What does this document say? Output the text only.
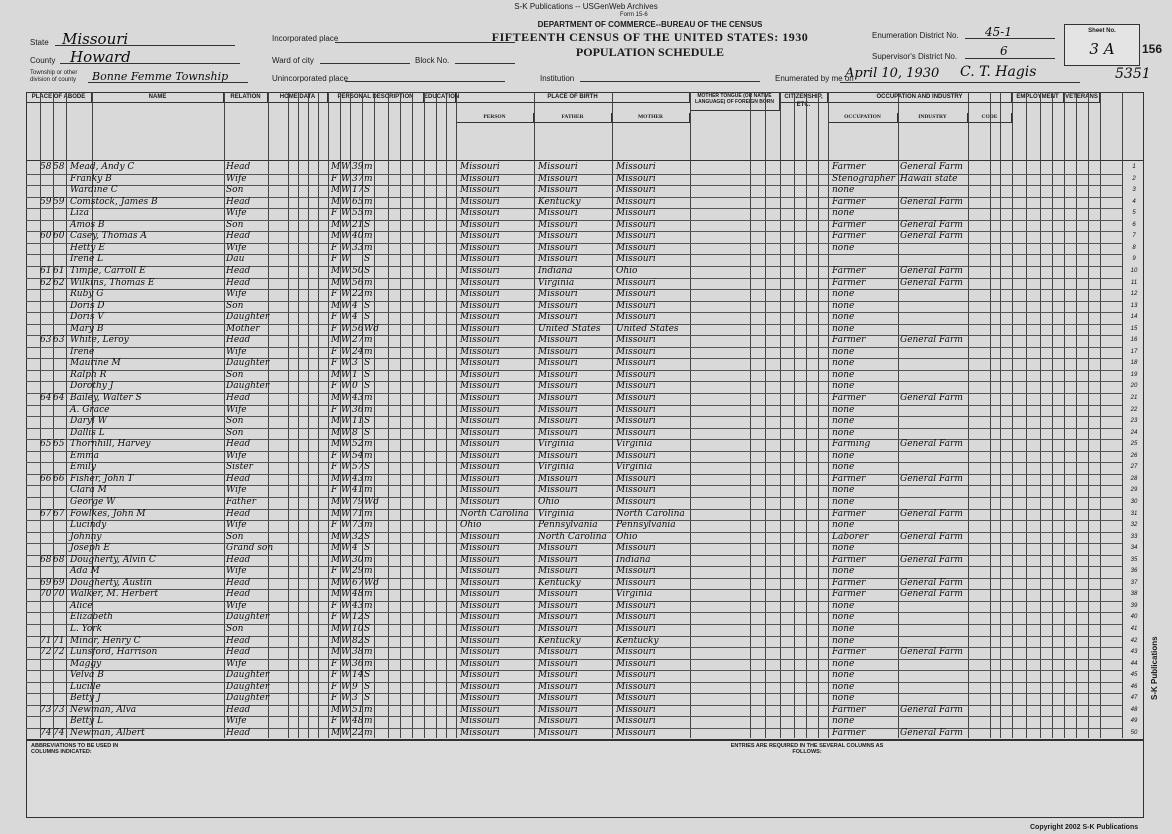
S-K Publications -- USGenWeb Archives
Form 15-6
DEPARTMENT OF COMMERCE--BUREAU OF THE CENSUS
FIFTEENTH CENSUS OF THE UNITED STATES: 1930
POPULATION SCHEDULE
State Missouri
County Howard
Township or other division of county	Bonne Femme Township
Incorporated place
Ward of city	Block No.
Unincorporated place	Institution
Enumeration District No. 45-1
Supervisor's District No.	6
Enumerated by me on
April 10, 1930 C. T. Hagis
Sheet No.
3 A	156
5351
PLACE OF ABODE	NAME	RELATION	HOME DATA	PERSONAL DESCRIPTION	EDUCATION	PLACE OF BIRTH	MOTHER TONGUE (OR NATIVE LANGUAGE) OF FOREIGN BORN
CITIZENSHIP, ETC.
OCCUPATION AND INDUSTRY	EMPLOYMENT	VETERANS
PERSON	FATHER	MOTHER	OCCUPATION	INDUSTRY	CODE
58 58 Mead, Andy C	Head	M W 39 m	Missouri	Missouri	Missouri	Farmer	General Farm	1
Franky B	Wife	F W 37 m	Missouri	Missouri	Missouri	Stenographer Hawaii state	2
Wardine C	Son	M W 17 S	Missouri	Missouri	Missouri	none	3
59 59 Comstock, James B	Head	M W 65 m	Missouri	Kentucky	Missouri	Farmer	General Farm	4
Liza	Wife	F W 55 m	Missouri	Missouri	Missouri	none	5
Amos B	Son	M W 21 S	Missouri	Missouri	Missouri	Farmer	General Farm	6
60 60 Casey, Thomas A	Head	M W 40 m	Missouri	Missouri	Missouri	Farmer	General Farm	7
Hetty E	Wife	F W 33 m	Missouri	Missouri	Missouri	none	8
Irene L	Dau	F W S	Missouri	Missouri	Missouri	9
61 61 Timpe, Carroll E	Head	M W 50 S	Missouri	Indiana	Ohio	Farmer	General Farm	10
62 62 Wilkins, Thomas E	Head	M W 56 m	Missouri	Virginia	Missouri	Farmer	General Farm	11
Ruby G	Wife	F W 22 m	Missouri	Missouri	Missouri	none	12
Doris D	Son	M W 4 S	Missouri	Missouri	Missouri	none	13
Doris V	Daughter	F W 4 S	Missouri	Missouri	Missouri	none	14
Mary B	Mother	F W 56 Wd	Missouri	United States	United States	none	15
63 63 White, Leroy	Head	M W 27 m	Missouri	Missouri	Missouri	Farmer	General Farm	16
Irene	Wife	F W 24 m	Missouri	Missouri	Missouri	none	17
Maurine M	Daughter	F W 3 S	Missouri	Missouri	Missouri	none	18
Ralph R	Son	M W 1 S	Missouri	Missouri	Missouri	none	19
Dorothy J	Daughter	F W 0 S	Missouri	Missouri	Missouri	none	20
64 64 Bailey, Walter S	Head	M W 43 m	Missouri	Missouri	Missouri	Farmer	General Farm	21
A. Grace	Wife	F W 36 m	Missouri	Missouri	Missouri	none	22
Daryl W	Son	M W 11 S	Missouri	Missouri	Missouri	none	23
Dallis L	Son	M W 8 S	Missouri	Missouri	Missouri	none	24
65 65 Thornhill, Harvey	Head	M W 52 m	Missouri	Virginia	Virginia	Farming	General Farm	25
Emma	Wife	F W 54 m	Missouri	Missouri	Missouri	none	26
Emily	Sister	F W 57 S	Missouri	Virginia	Virginia	none	27
66 66 Fisher, John T	Head	M W 43 m	Missouri	Missouri	Missouri	Farmer	General Farm	28
Clara M	Wife	F W 41 m	Missouri	Missouri	Missouri	none	29
George W	Father	M W 79 Wd	Missouri	Ohio	Missouri	none	30
67 67 Fowlkes, John M	Head	M W 71 m	North Carolina	Virginia	North Carolina	Farmer	General Farm	31
Lucindy	Wife	F W 73 m	Ohio	Pennsylvania	Pennsylvania	none	32
Johnny	Son	M W 32 S	Missouri	North Carolina	Ohio	Laborer	General Farm	33
Joseph E	Grand son	M W 4 S	Missouri	Missouri	Missouri	none	34
68 68 Dougherty, Alvin C	Head	M W 30 m	Missouri	Missouri	Indiana	Farmer	General Farm	35
Ada M	Wife	F W 29 m	Missouri	Missouri	Missouri	none	36
69 69 Dougherty, Austin	Head	M W 67 Wd	Missouri	Kentucky	Missouri	Farmer	General Farm	37
70 70 Walker, M. Herbert	Head	M W 48 m	Missouri	Missouri	Virginia	Farmer	General Farm	38
Alice	Wife	F W 43 m	Missouri	Missouri	Missouri	none	39
Elizabeth	Daughter	F W 12 S	Missouri	Missouri	Missouri	none	40
L. York	Son	M W 10 S	Missouri	Missouri	Missouri	none	41
71 71 Minor, Henry C	Head	M W 82 S	Missouri	Kentucky	Kentucky	none	42
72 72 Lunsford, Harrison	Head	M W 38 m	Missouri	Missouri	Missouri	Farmer	General Farm	43
Maggy	Wife	F W 36 m	Missouri	Missouri	Missouri	none	44
Velva B	Daughter	F W 14 S	Missouri	Missouri	Missouri	none	45
Lucille	Daughter	F W 9 S	Missouri	Missouri	Missouri	none	46
Betty J	Daughter	F W 3 S	Missouri	Missouri	Missouri	none	47
73 73 Newman, Alva	Head	M W 51 m	Missouri	Missouri	Missouri	Farmer	General Farm	48
Betty L	Wife	F W 48 m	Missouri	Missouri	Missouri	none	49
74 74 Newman, Albert	Head	M W 22 m	Missouri	Missouri	Missouri	Farmer	General Farm	50
ABBREVIATIONS TO BE USED IN COLUMNS INDICATED:
ENTRIES ARE REQUIRED IN THE SEVERAL COLUMNS AS FOLLOWS:
Copyright 2002 S-K Publications
S-K Publications
